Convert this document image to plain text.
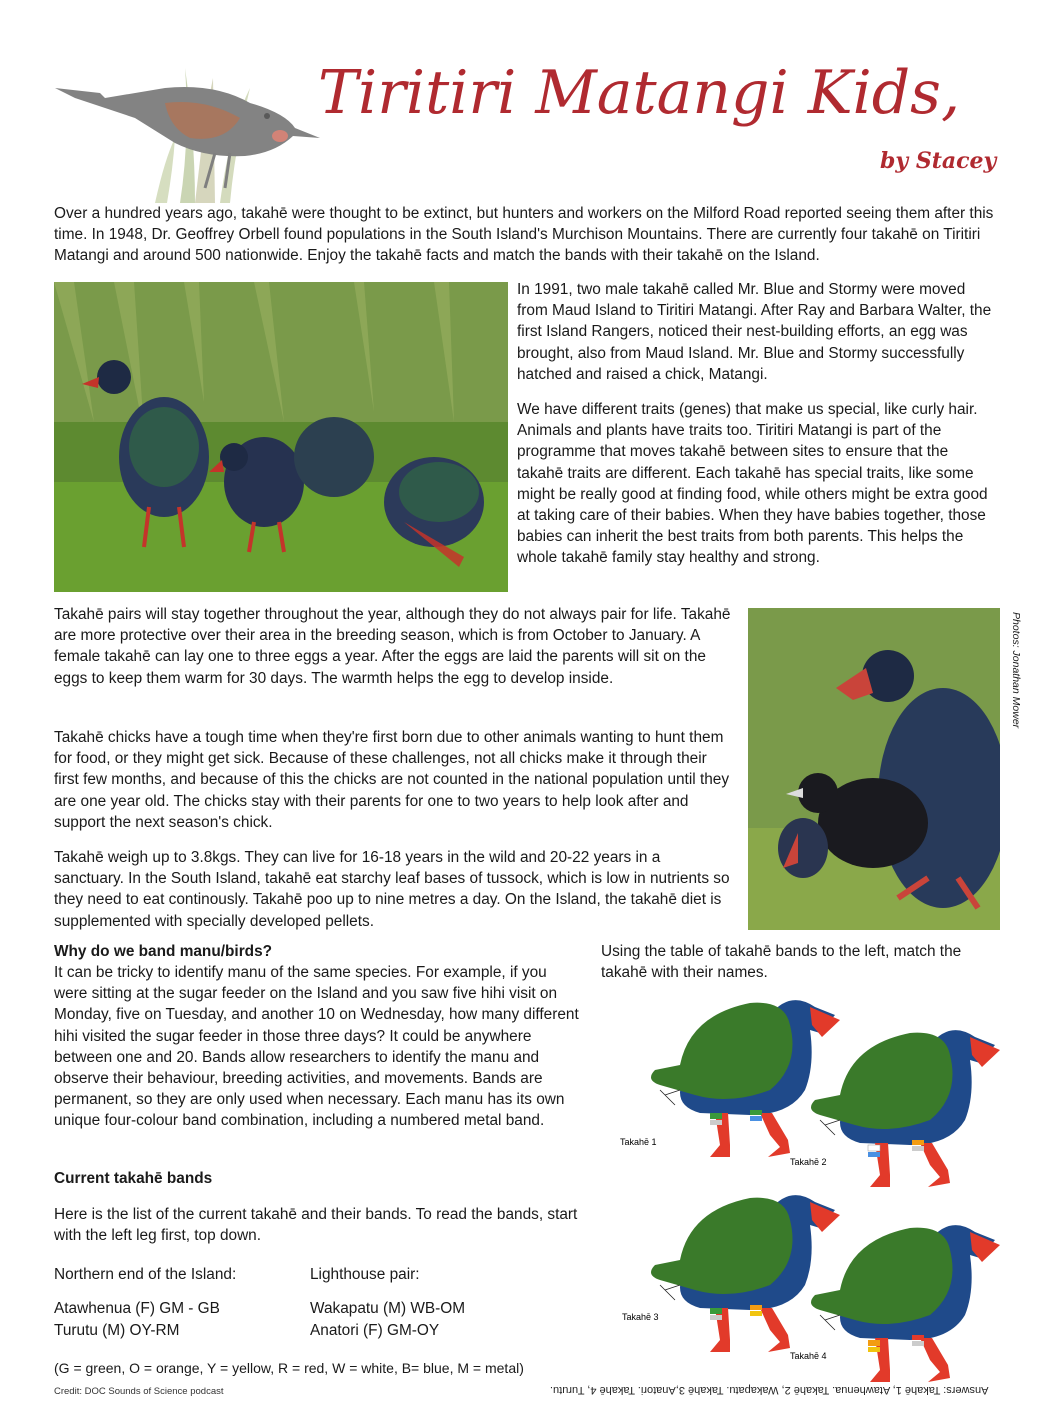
Tiritiri Matangi Kids,
by Stacey

Over a hundred years ago, takahē were thought to be extinct, but hunters and workers on the Milford Road reported seeing them after this time. In 1948, Dr. Geoffrey Orbell found populations in the South Island's Murchison Mountains. There are currently four takahē on Tiritiri Matangi and around 500 nationwide. Enjoy the takahē facts and match the bands with their takahē on the Island.

In 1991, two male takahē called Mr. Blue and Stormy were moved from Maud Island to Tiritiri Matangi. After Ray and Barbara Walter, the first Island Rangers, noticed their nest-building efforts, an egg was brought, also from Maud Island. Mr. Blue and Stormy successfully hatched and raised a chick, Matangi.

We have different traits (genes) that make us special, like curly hair. Animals and plants have traits too. Tiritiri Matangi is part of the programme that moves takahē between sites to ensure that the takahē traits are different. Each takahē has special traits, like some might be really good at finding food, while others might be extra good at taking care of their babies. When they have babies together, those babies can inherit the best traits from both parents. This helps the whole takahē family stay healthy and strong.

Takahē pairs will stay together throughout the year, although they do not always pair for life. Takahē are more protective over their area in the breeding season, which is from October to January. A female takahē can lay one to three eggs a year. After the eggs are laid the parents will sit on the eggs to keep them warm for 30 days. The warmth helps the egg to develop inside.

Takahē chicks have a tough time when they're first born due to other animals wanting to hunt them for food, or they might get sick. Because of these challenges, not all chicks make it through their first few months, and because of this the chicks are not counted in the national population until they are one year old. The chicks stay with their parents for one to two years to help look after and support the next season's chick.

Takahē weigh up to 3.8kgs. They can live for 16-18 years in the wild and 20-22 years in a sanctuary. In the South Island, takahē eat starchy leaf bases of tussock, which is low in nutrients so they need to eat continously. Takahē poo up to nine metres a day. On the Island, the takahē diet is supplemented with specially developed pellets.

Photos: Jonathan Mower
Why do we band manu/birds?

It can be tricky to identify manu of the same species. For example, if you were sitting at the sugar feeder on the Island and you saw five hihi visit on Monday, five on Tuesday, and another 10 on Wednesday, how many different hihi visited the sugar feeder in those three days? It could be anywhere between one and 20. Bands allow researchers to identify the manu and observe their behaviour, breeding activities, and movements. Bands are permanent, so they are only used when necessary. Each manu has its own unique four-colour band combination, including a numbered metal band.

Current takahē bands

Here is the list of the current takahē and their bands. To read the bands, start with the left leg first, top down.

Northern end of the Island:
Atawhenua (F) GM - GB
Turutu (M) OY-RM
Lighthouse pair:
Wakapatu (M) WB-OM
Anatori (F) GM-OY
(G = green, O = orange, Y = yellow, R = red, W = white, B= blue, M = metal)
Credit: DOC Sounds of Science podcast

Using the table of takahē bands to the left, match the takahē with their names.

Takahē 1
Takahē 2
Takahē 3
Takahē 4
Answers: Takahē 1, Atawhenua. Takahē 2, Wakapatu. Takahē 3,Anatori. Takahē 4, Turutu.
